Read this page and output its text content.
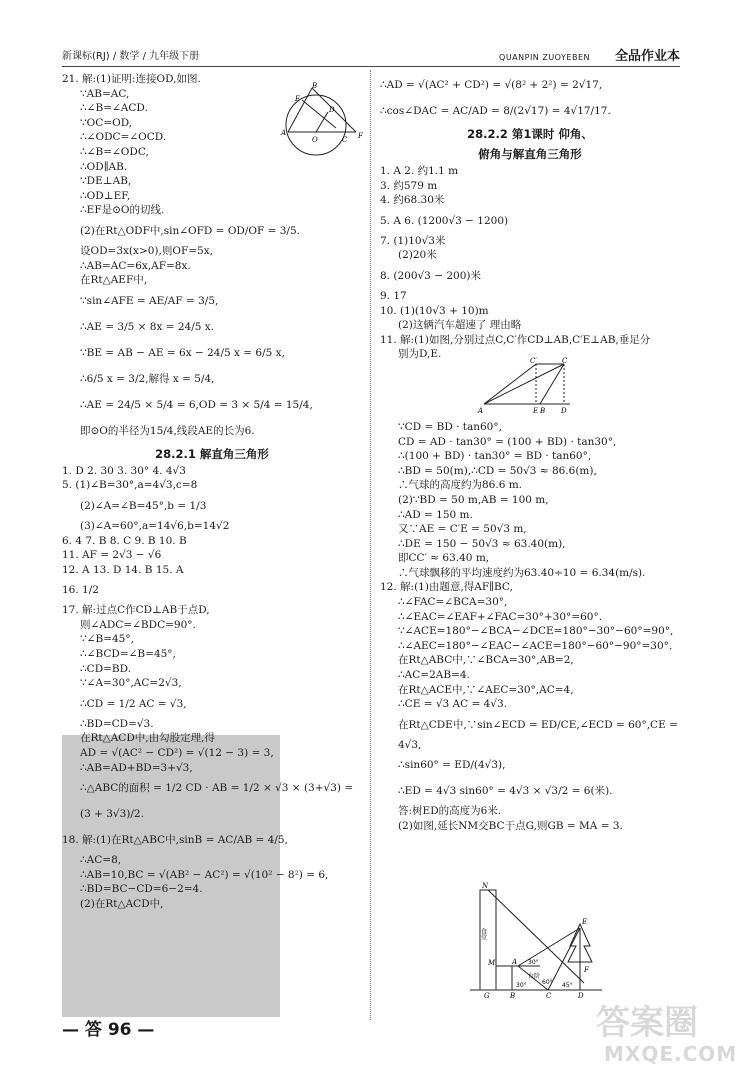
新课标(RJ) / 数学 / 九年级下册	QUANPIN ZUOYEBEN 全品作业本
21. 解:(1)证明:连接OD,如图.
∵AB=AC,
∴∠B=∠ACD.
∵OC=OD,
∴∠ODC=∠OCD.
∴∠B=∠ODC,
∴OD∥AB.
∵DE⊥AB,
∴OD⊥EF,
∴EF是⊙O的切线.
(2)在Rt△ODF中,sin∠OFD = OD/OF = 3/5.
设OD=3x(x>0),则OF=5x,
∴AB=AC=6x,AF=8x.
在Rt△AEF中,
∵sin∠AFE = AE/AF = 3/5,
∴AE = 3/5 × 8x = 24/5 x.
∵BE = AB − AE = 6x − 24/5 x = 6/5 x,
∴6/5 x = 3/2,解得 x = 5/4,
∴AE = 24/5 × 5/4 = 6,OD = 3 × 5/4 = 15/4,
即⊙O的半径为15/4,线段AE的长为6.
28.2.1 解直角三角形
1. D 2. 30 3. 30° 4. 4√3
5. (1)∠B=30°,a=4√3,c=8
(2)∠A=∠B=45°,b = 1/3
(3)∠A=60°,a=14√6,b=14√2
6. 4 7. B 8. C 9. B 10. B
11. AF = 2√3 − √6
12. A 13. D 14. B 15. A
16. 1/2
17. 解:过点C作CD⊥AB于点D,
则∠ADC=∠BDC=90°.
∵∠B=45°,
∴∠BCD=∠B=45°,
∴CD=BD.
∵∠A=30°,AC=2√3,
∴CD = 1/2 AC = √3,
∴BD=CD=√3.
在Rt△ACD中,由勾股定理,得
AD = √(AC² − CD²) = √(12 − 3) = 3,
∴AB=AD+BD=3+√3,
∴△ABC的面积 = 1/2 CD · AB = 1/2 × √3 × (3+√3) =
(3 + 3√3)/2.
18. 解:(1)在Rt△ABC中,sinB = AC/AB = 4/5,
∴AC=8,
∴AB=10,BC = √(AB² − AC²) = √(10² − 8²) = 6,
∴BD=BC−CD=6−2=4.
(2)在Rt△ACD中,
B
E
A
O	C
D
F
∴AD = √(AC² + CD²) = √(8² + 2²) = 2√17,
∴cos∠DAC = AC/AD = 8/(2√17) = 4√17/17.
28.2.2 第1课时 仰角、
俯角与解直角三角形
1. A 2. 约1.1 m
3. 约579 m
4. 约68.30米
5. A 6. (1200√3 − 1200)
7. (1)10√3米
(2)20米
8. (200√3 − 200)米
9. 17
10. (1)(10√3 + 10)m
(2)这辆汽车超速了 理由略
11. 解:(1)如图,分别过点C,C′作CD⊥AB,C′E⊥AB,垂足分
别为D,E.
∵CD = BD · tan60°,
CD = AD · tan30° = (100 + BD) · tan30°,
∴(100 + BD) · tan30° = BD · tan60°,
∴BD = 50(m),∴CD = 50√3 ≈ 86.6(m),
∴气球的高度约为86.6 m.
(2)∵BD = 50 m,AB = 100 m,
∴AD = 150 m.
又∵AE = C′E = 50√3 m,
∴DE = 150 − 50√3 ≈ 63.40(m),
即CC′ ≈ 63.40 m,
∴气球飘移的平均速度约为63.40÷10 = 6.34(m/s).
12. 解:(1)由题意,得AF∥BC,
∴∠FAC=∠BCA=30°,
∴∠EAC=∠EAF+∠FAC=30°+30°=60°.
∵∠ACE=180°−∠BCA−∠DCE=180°−30°−60°=90°,
∴∠AEC=180°−∠EAC−∠ACE=180°−60°−90°=30°.
在Rt△ABC中,∵∠BCA=30°,AB=2,
∴AC=2AB=4.
在Rt△ACE中,∵∠AEC=30°,AC=4,
∴CE = √3 AC = 4√3.
在Rt△CDE中,∵sin∠ECD = ED/CE,∠ECD = 60°,CE =
4√3,
∴sin60° = ED/(4√3),
∴ED = 4√3 sin60° = 4√3 × √3/2 = 6(米).
答:树ED的高度为6米.
(2)如图,延长NM交BC于点G,则GB = MA = 3.
C′	C
A	E B D
N
食堂
M A 30°
E
60°
台阶
30°	45°
F
G	B	C	D
— 答 96 —	答案圈
MXQE.COM
